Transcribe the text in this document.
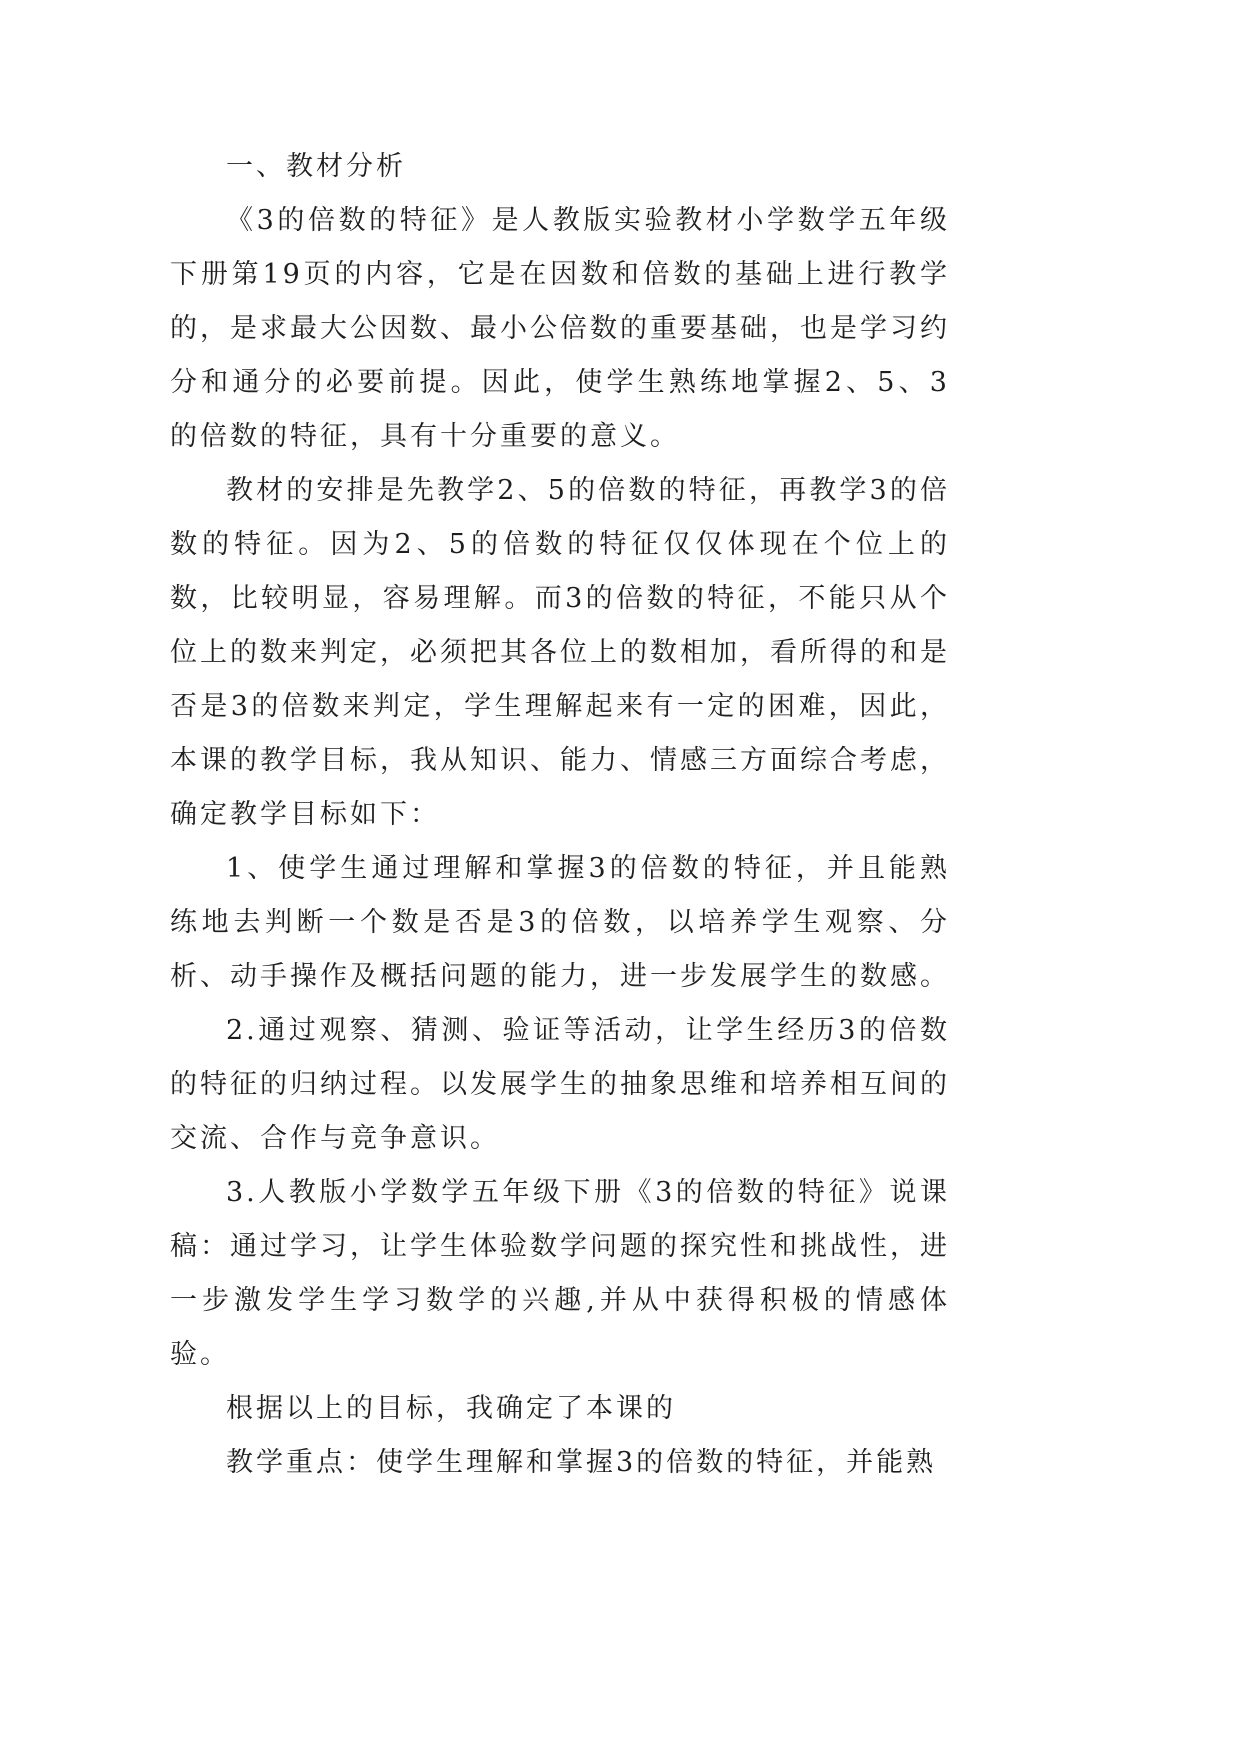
一、教材分析

《3的倍数的特征》是人教版实验教材小学数学五年级下册第19页的内容，它是在因数和倍数的基础上进行教学的，是求最大公因数、最小公倍数的重要基础，也是学习约分和通分的必要前提。因此，使学生熟练地掌握2、5、3的倍数的特征，具有十分重要的意义。

教材的安排是先教学2、5的倍数的特征，再教学3的倍数的特征。因为2、5的倍数的特征仅仅体现在个位上的数，比较明显，容易理解。而3的倍数的特征，不能只从个位上的数来判定，必须把其各位上的数相加，看所得的和是否是3的倍数来判定，学生理解起来有一定的困难，因此，本课的教学目标，我从知识、能力、情感三方面综合考虑，确定教学目标如下：

1、使学生通过理解和掌握3的倍数的特征，并且能熟练地去判断一个数是否是3的倍数，以培养学生观察、分析、动手操作及概括问题的能力，进一步发展学生的数感。

2.通过观察、猜测、验证等活动，让学生经历3的倍数的特征的归纳过程。以发展学生的抽象思维和培养相互间的交流、合作与竞争意识。

3.人教版小学数学五年级下册《3的倍数的特征》说课稿：通过学习，让学生体验数学问题的探究性和挑战性，进一步激发学生学习数学的兴趣,并从中获得积极的情感体验。

根据以上的目标，我确定了本课的

教学重点：使学生理解和掌握3的倍数的特征，并能熟
